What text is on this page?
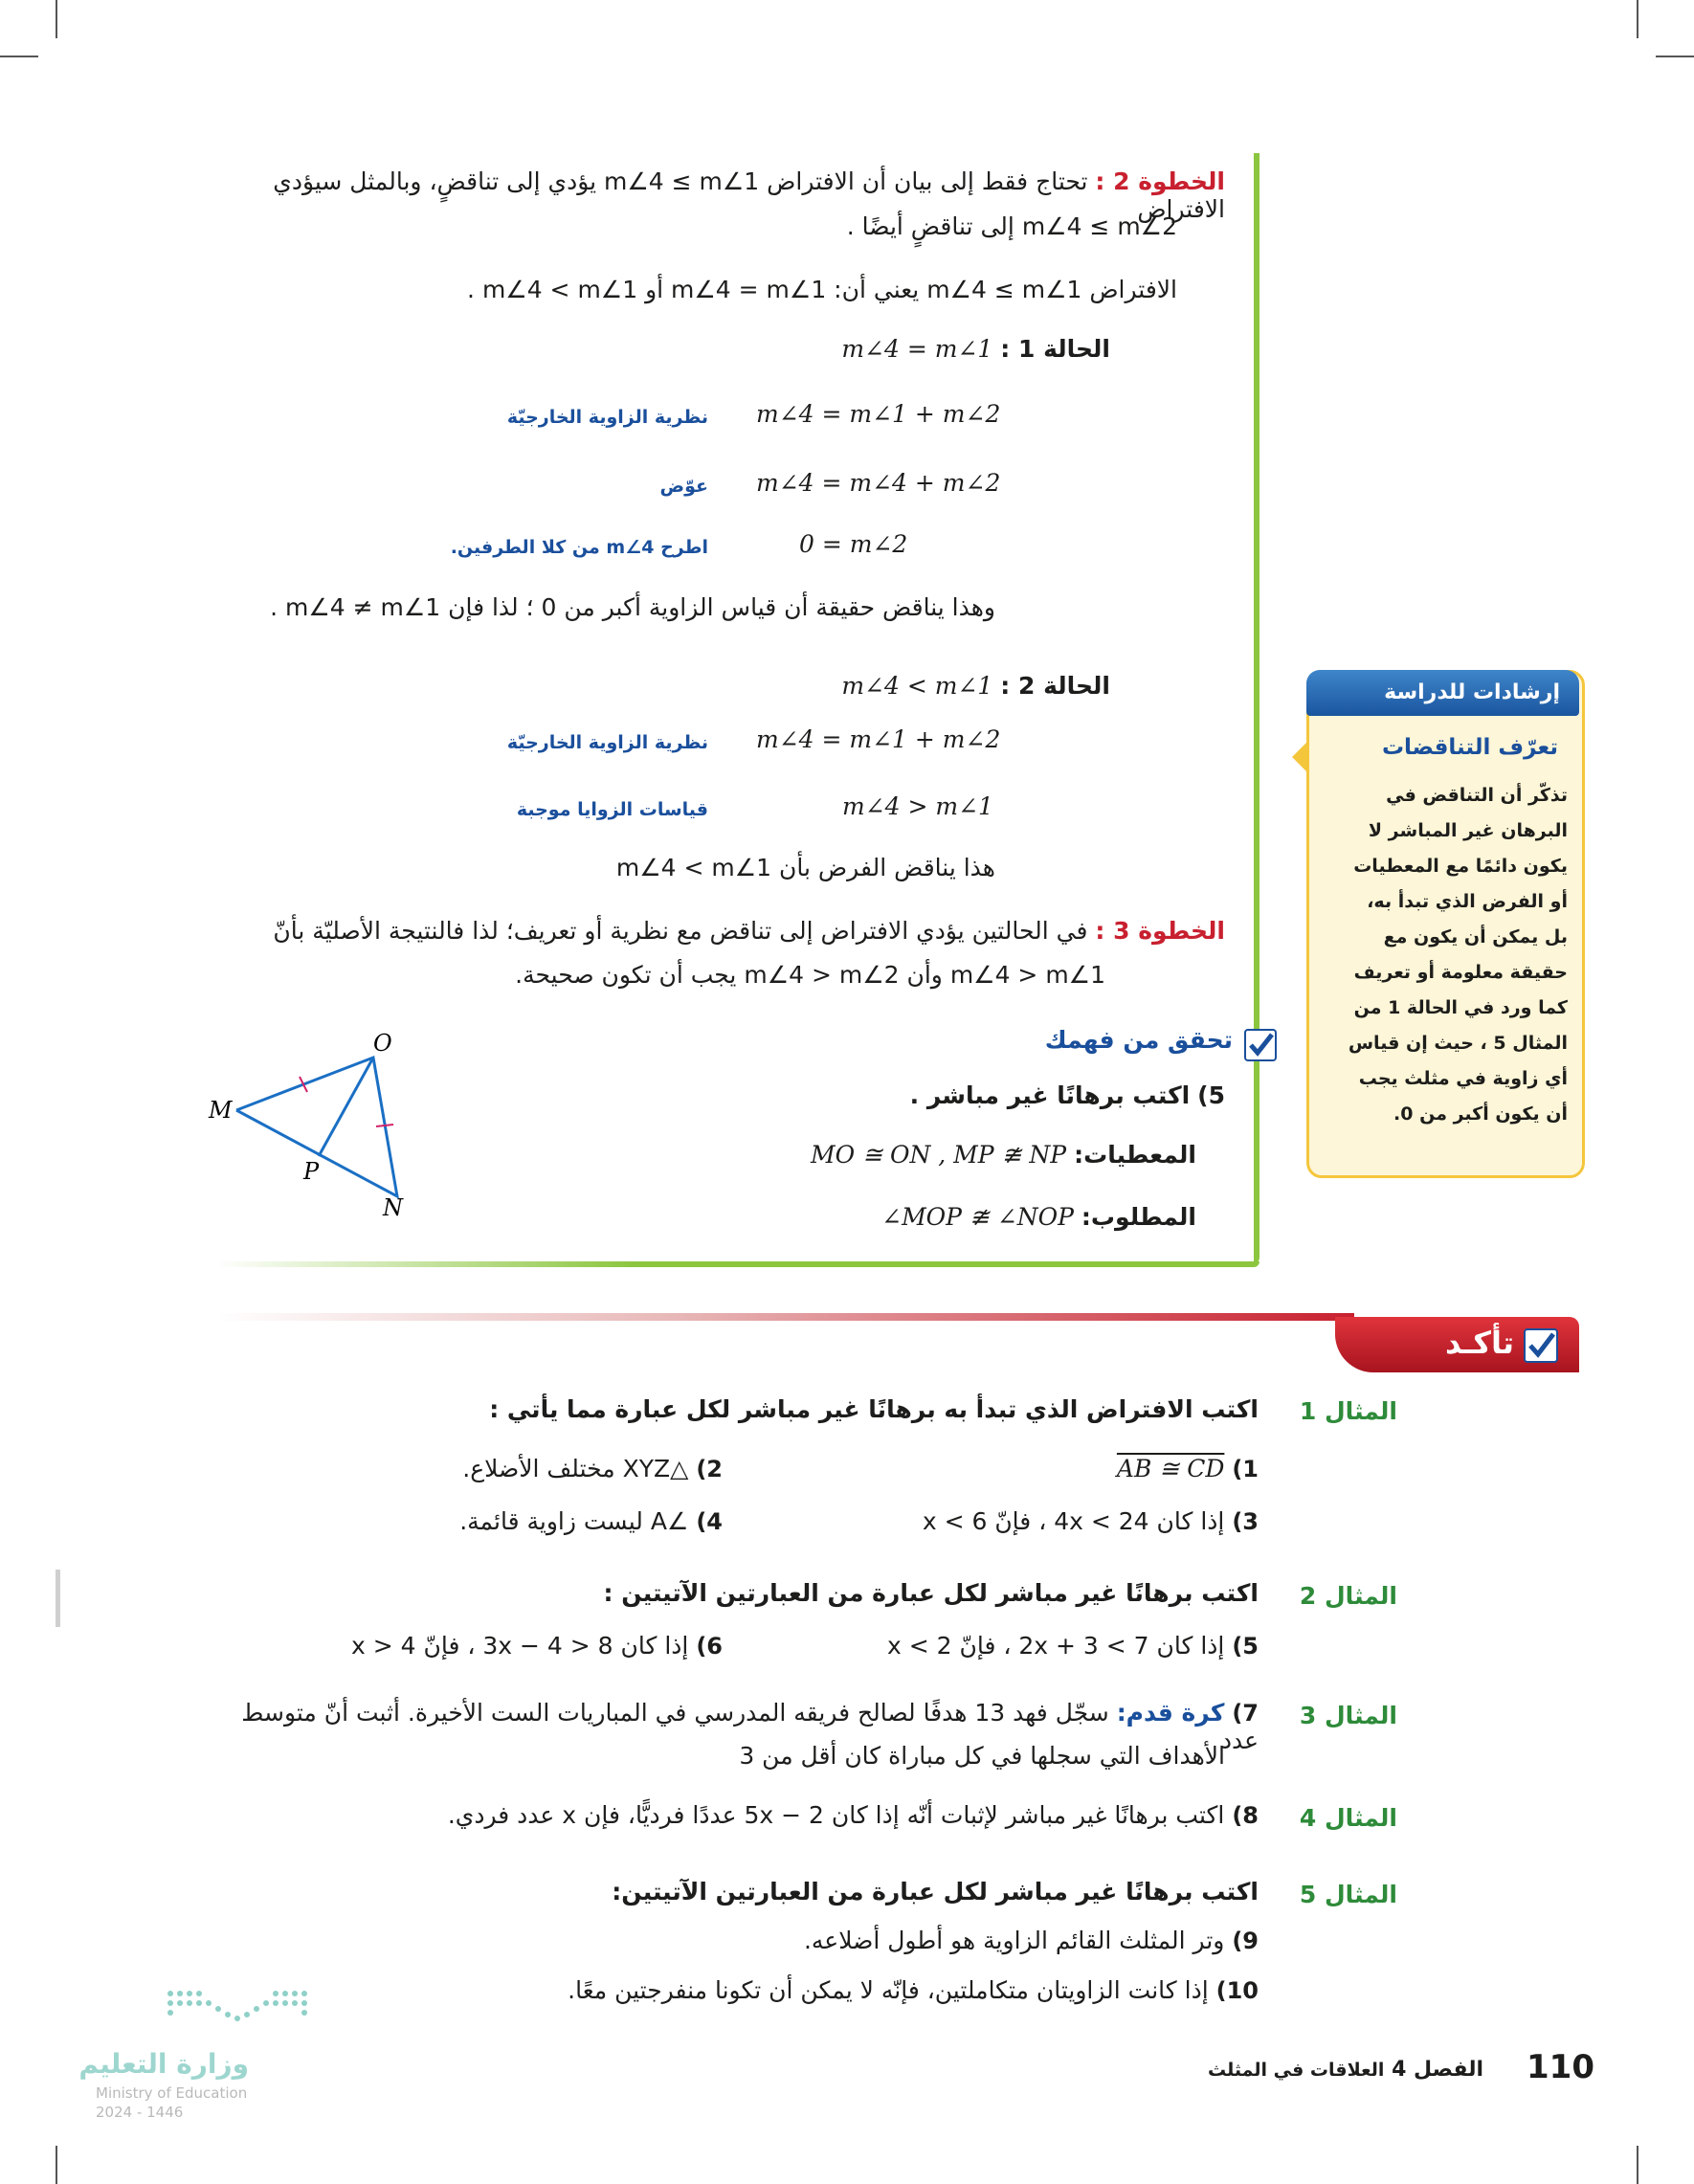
الخطوة 2 : تحتاج فقط إلى بيان أن الافتراض m∠4 ≤ m∠1 يؤدي إلى تناقضٍ، وبالمثل سيؤدي الافتراض
m∠4 ≤ m∠2 إلى تناقضٍ أيضًا .
الافتراض m∠4 ≤ m∠1 يعني أن: m∠4 = m∠1 أو m∠4 < m∠1 .
الحالة 1 : m∠4 = m∠1
m∠4 = m∠1 + m∠2
نظرية الزاوية الخارجيّة
m∠4 = m∠4 + m∠2
عوّض
0 = m∠2
اطرح m∠4 من كلا الطرفين.
وهذا يناقض حقيقة أن قياس الزاوية أكبر من 0 ؛ لذا فإن m∠4 ≠ m∠1 .
الحالة 2 : m∠4 < m∠1
m∠4 = m∠1 + m∠2
نظرية الزاوية الخارجيّة
m∠4 > m∠1
قياسات الزوايا موجبة
هذا يناقض الفرض بأن m∠4 < m∠1
الخطوة 3 : في الحالتين يؤدي الافتراض إلى تناقض مع نظرية أو تعريف؛ لذا فالنتيجة الأصليّة بأنّ
m∠4 > m∠1 وأن m∠4 > m∠2 يجب أن تكون صحيحة.
تحقق من فهمك
5) اكتب برهانًا غير مباشر .
المعطيات: MO ≅ ON , MP ≇ NP
المطلوب: ∠MOP ≇ ∠NOP
O
M
P
N
إرشادات للدراسة
تعرّف التناقضات
تذكّر أن التناقض في
البرهان غير المباشر لا
يكون دائمًا مع المعطيات
أو الفرض الذي تبدأ به،
بل يمكن أن يكون مع
حقيقة معلومة أو تعريف
كما ورد في الحالة 1 من
المثال 5 ، حيث إن قياس
أي زاوية في مثلث يجب
أن يكون أكبر من 0.
تأكـد
المثال 1
اكتب الافتراض الذي تبدأ به برهانًا غير مباشر لكل عبارة مما يأتي :
1) AB ≅ CD
2) △XYZ مختلف الأضلاع.
3) إذا كان 4x < 24 ، فإنّ x < 6
4) ∠A ليست زاوية قائمة.
المثال 2
اكتب برهانًا غير مباشر لكل عبارة من العبارتين الآتيتين :
5) إذا كان 2x + 3 < 7 ، فإنّ x < 2
6) إذا كان 3x − 4 > 8 ، فإنّ x > 4
المثال 3
7) كرة قدم: سجّل فهد 13 هدفًا لصالح فريقه المدرسي في المباريات الست الأخيرة. أثبت أنّ متوسط عدد
الأهداف التي سجلها في كل مباراة كان أقل من 3
المثال 4
8) اكتب برهانًا غير مباشر لإثبات أنّه إذا كان 5x − 2 عددًا فرديًّا، فإن x عدد فردي.
المثال 5
اكتب برهانًا غير مباشر لكل عبارة من العبارتين الآتيتين:
9) وتر المثلث القائم الزاوية هو أطول أضلاعه.
10) إذا كانت الزاويتان متكاملتين، فإنّه لا يمكن أن تكونا منفرجتين معًا.
وزارة التعليم
Ministry of Education
2024 - 1446
110
الفصل 4 العلاقات في المثلث
